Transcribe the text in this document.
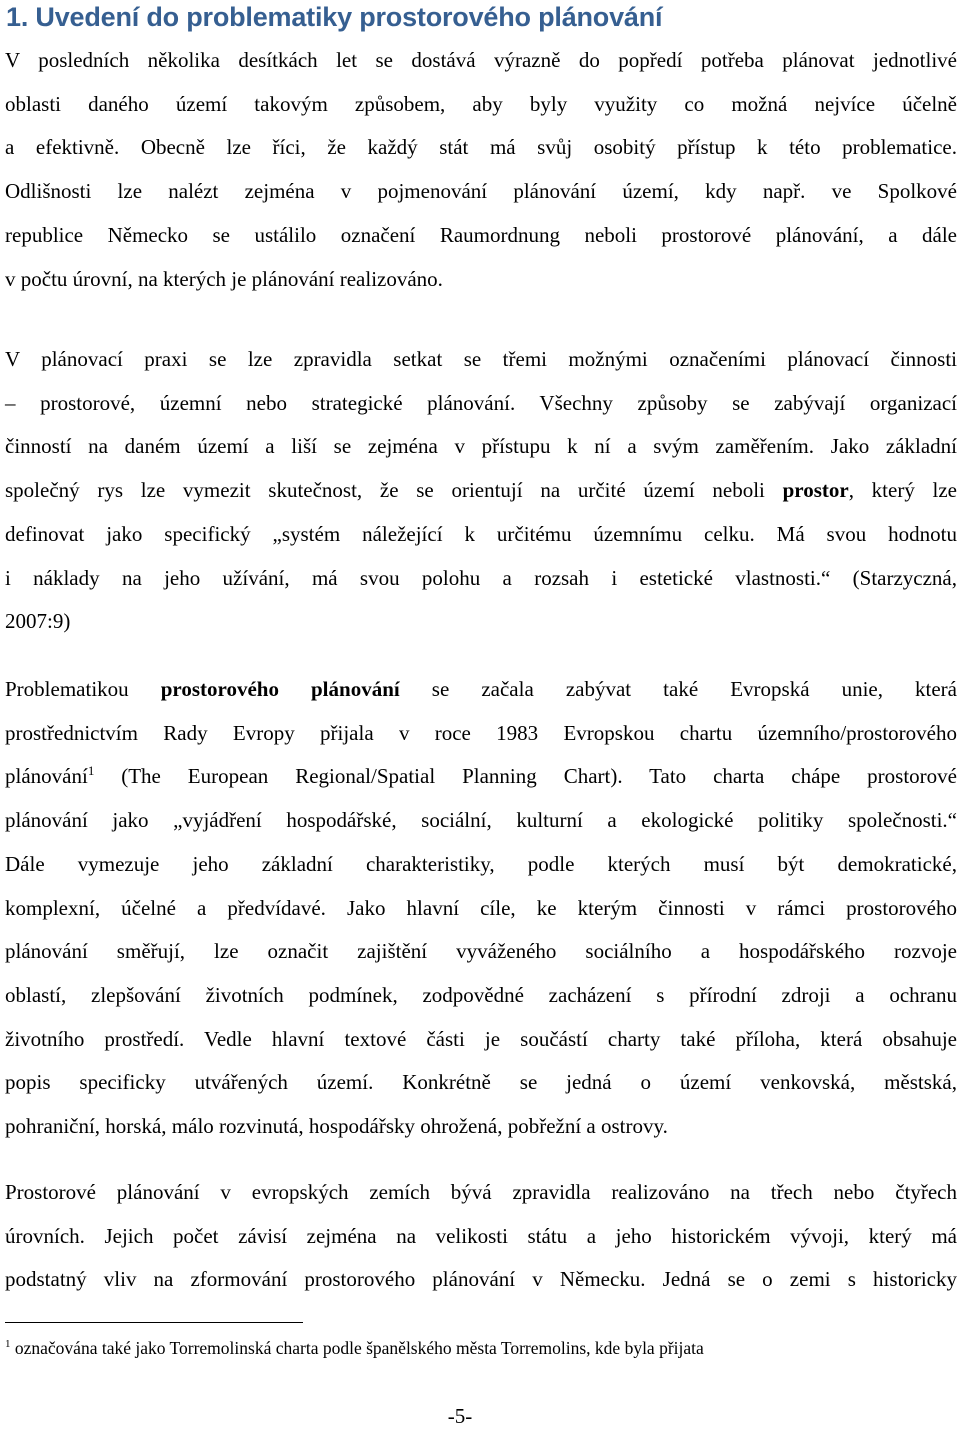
1. Uvedení do problematiky prostorového plánování
V posledních několika desítkách let se dostává výrazně do popředí potřeba plánovat jednotlivé
oblasti daného území takovým způsobem, aby byly využity co možná nejvíce účelně
a efektivně. Obecně lze říci, že každý stát má svůj osobitý přístup k této problematice.
Odlišnosti lze nalézt zejména v pojmenování plánování území, kdy např. ve Spolkové
republice Německo se ustálilo označení Raumordnung neboli prostorové plánování, a dále
v počtu úrovní, na kterých je plánování realizováno.
V plánovací praxi se lze zpravidla setkat se třemi možnými označeními plánovací činnosti
– prostorové, územní nebo strategické plánování. Všechny způsoby se zabývají organizací
činností na daném území a liší se zejména v přístupu k ní a svým zaměřením. Jako základní
společný rys lze vymezit skutečnost, že se orientují na určité území neboli prostor, který lze
definovat jako specifický „systém náležející k určitému územnímu celku. Má svou hodnotu
i náklady na jeho užívání, má svou polohu a rozsah i estetické vlastnosti.“ (Starzyczná,
2007:9)
Problematikou prostorového plánování se začala zabývat také Evropská unie, která
prostřednictvím Rady Evropy přijala v roce 1983 Evropskou chartu územního/prostorového
plánování$^1$ (The European Regional/Spatial Planning Chart). Tato charta chápe prostorové
plánování jako „vyjádření hospodářské, sociální, kulturní a ekologické politiky společnosti.“
Dále vymezuje jeho základní charakteristiky, podle kterých musí být demokratické,
komplexní, účelné a předvídavé. Jako hlavní cíle, ke kterým činnosti v rámci prostorového
plánování směřují, lze označit zajištění vyváženého sociálního a hospodářského rozvoje
oblastí, zlepšování životních podmínek, zodpovědné zacházení s přírodní zdroji a ochranu
životního prostředí. Vedle hlavní textové části je součástí charty také příloha, která obsahuje
popis specificky utvářených území. Konkrétně se jedná o území venkovská, městská,
pohraniční, horská, málo rozvinutá, hospodářsky ohrožená, pobřežní a ostrovy.
Prostorové plánování v evropských zemích bývá zpravidla realizováno na třech nebo čtyřech
úrovních. Jejich počet závisí zejména na velikosti státu a jeho historickém vývoji, který má
podstatný vliv na zformování prostorového plánování v Německu. Jedná se o zemi s historicky

$^1$ označována také jako Torremolinská charta podle španělského města Torremolins, kde byla přijata

-5-
